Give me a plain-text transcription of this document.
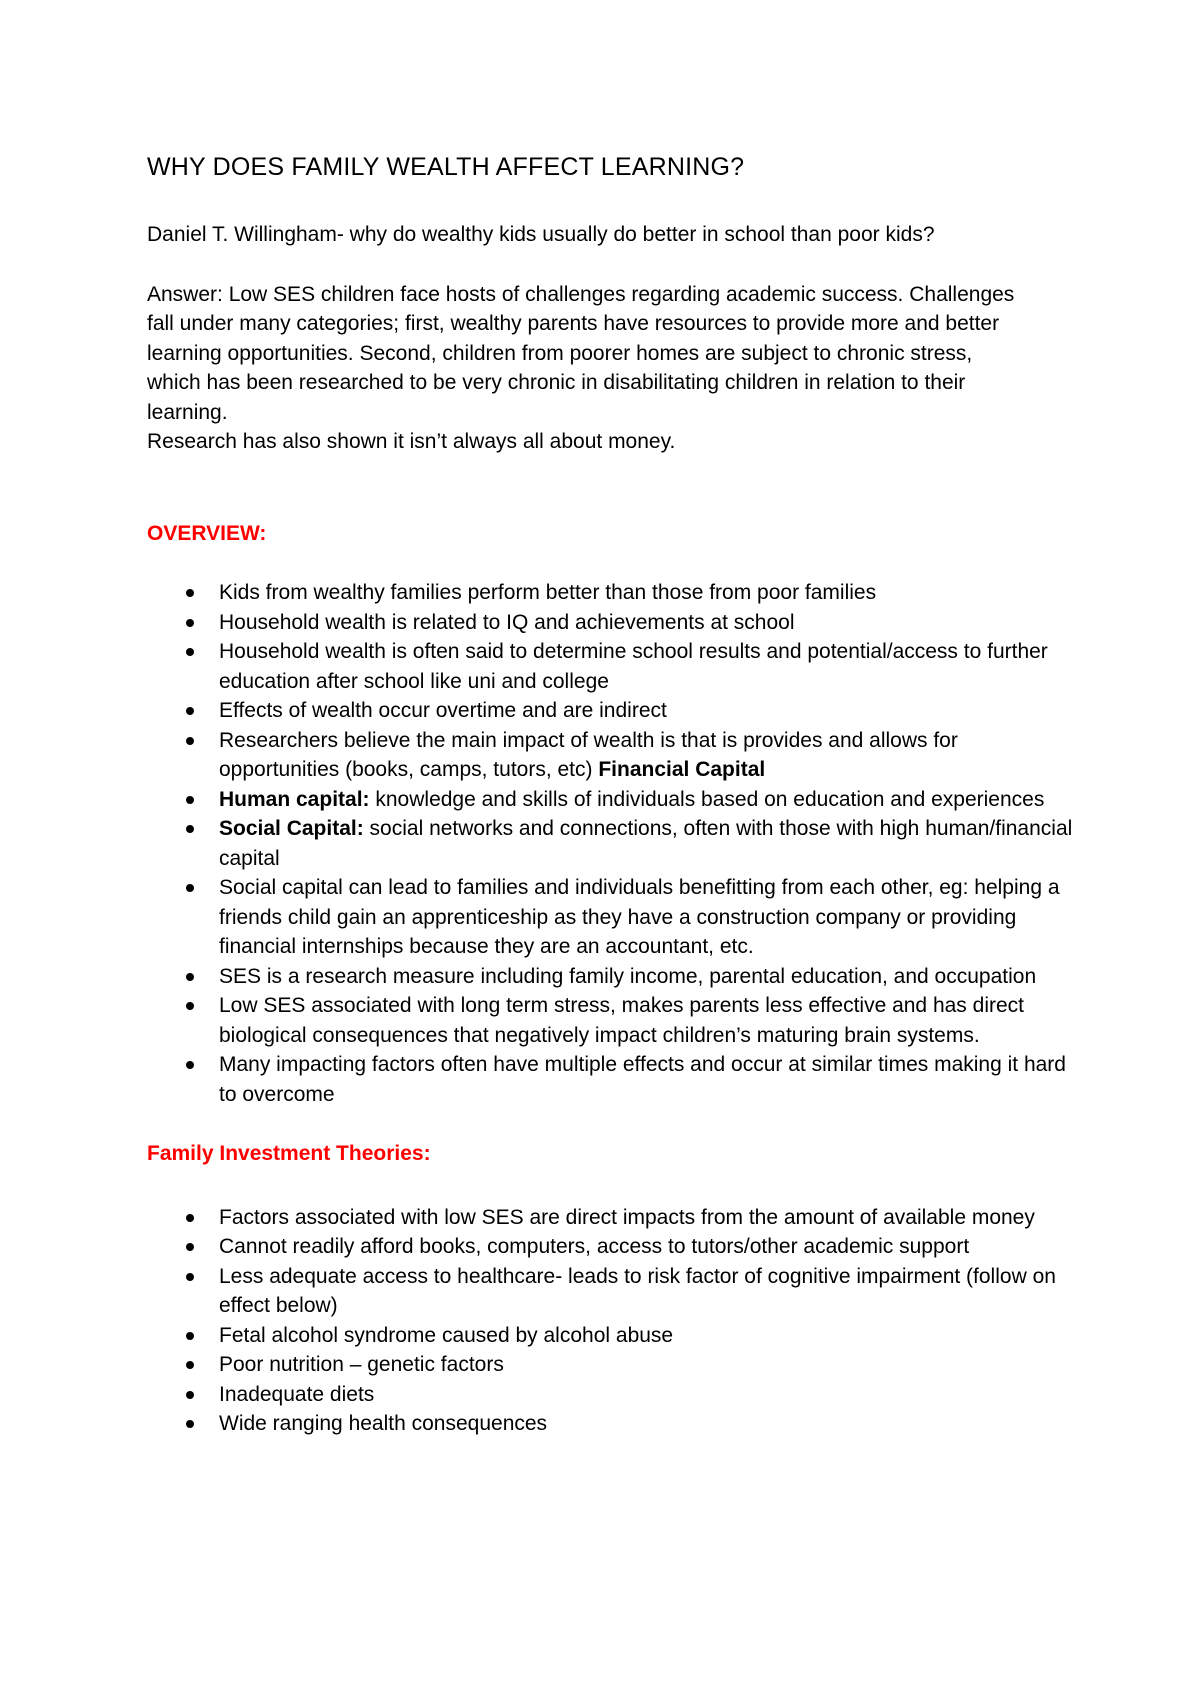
WHY DOES FAMILY WEALTH AFFECT LEARNING?

Daniel T. Willingham- why do wealthy kids usually do better in school than poor kids?

Answer: Low SES children face hosts of challenges regarding academic success. Challenges
fall under many categories; first, wealthy parents have resources to provide more and better
learning opportunities. Second, children from poorer homes are subject to chronic stress,
which has been researched to be very chronic in disabilitating children in relation to their
learning.
Research has also shown it isn’t always all about money.
OVERVIEW:
Kids from wealthy families perform better than those from poor families
Household wealth is related to IQ and achievements at school
Household wealth is often said to determine school results and potential/access to further education after school like uni and college
Effects of wealth occur overtime and are indirect
Researchers believe the main impact of wealth is that is provides and allows for opportunities (books, camps, tutors, etc) Financial Capital
Human capital: knowledge and skills of individuals based on education and experiences
Social Capital: social networks and connections, often with those with high human/financial capital
Social capital can lead to families and individuals benefitting from each other, eg: helping a friends child gain an apprenticeship as they have a construction company or providing financial internships because they are an accountant, etc.
SES is a research measure including family income, parental education, and occupation
Low SES associated with long term stress, makes parents less effective and has direct biological consequences that negatively impact children’s maturing brain systems.
Many impacting factors often have multiple effects and occur at similar times making it hard to overcome
Family Investment Theories:
Factors associated with low SES are direct impacts from the amount of available money
Cannot readily afford books, computers, access to tutors/other academic support
Less adequate access to healthcare- leads to risk factor of cognitive impairment (follow on effect below)
Fetal alcohol syndrome caused by alcohol abuse
Poor nutrition – genetic factors
Inadequate diets
Wide ranging health consequences
